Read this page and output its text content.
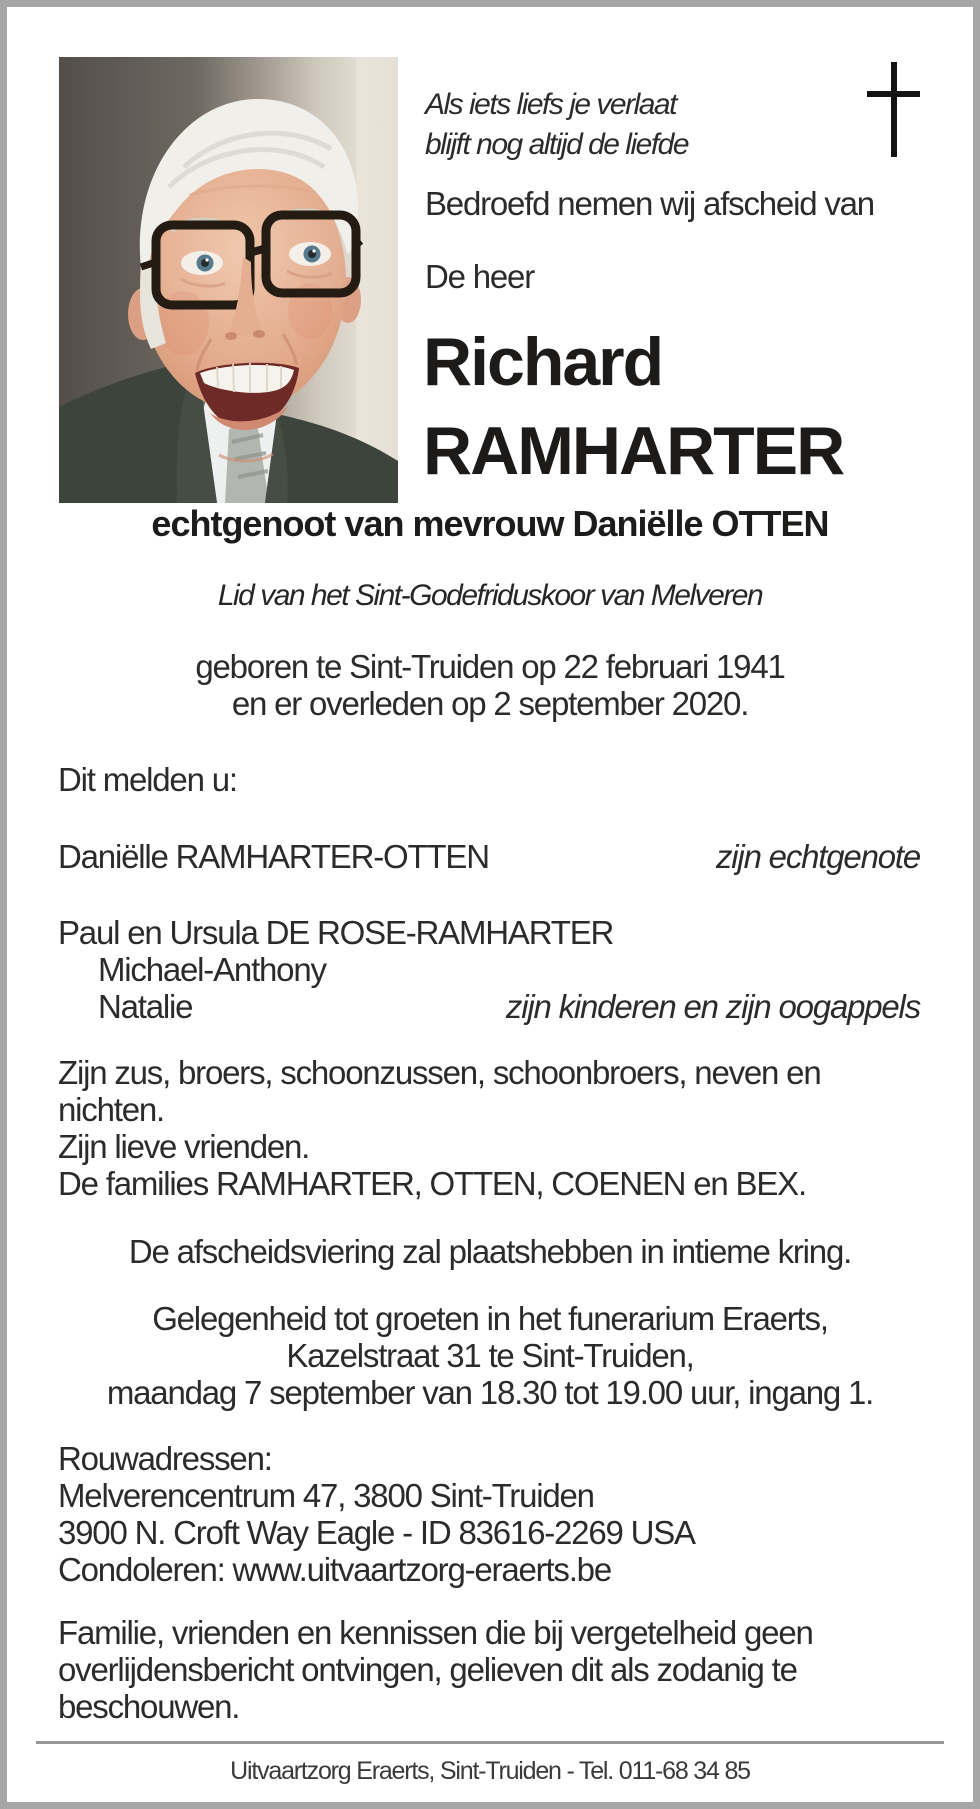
Als iets liefs je verlaat
blijft nog altijd de liefde
Bedroefd nemen wij afscheid van
De heer
Richard
RAMHARTER
echtgenoot van mevrouw Daniëlle OTTEN
Lid van het Sint-Godefriduskoor van Melveren
geboren te Sint-Truiden op 22 februari 1941
en er overleden op 2 september 2020.
Dit melden u:
Daniëlle RAMHARTER-OTTEN	zijn echtgenote
Paul en Ursula DE ROSE-RAMHARTER
Michael-Anthony
Natalie	zijn kinderen en zijn oogappels
Zijn zus, broers, schoonzussen, schoonbroers, neven en
nichten.
Zijn lieve vrienden.
De families RAMHARTER, OTTEN, COENEN en BEX.
De afscheidsviering zal plaatshebben in intieme kring.
Gelegenheid tot groeten in het funerarium Eraerts,
Kazelstraat 31 te Sint-Truiden,
maandag 7 september van 18.30 tot 19.00 uur, ingang 1.
Rouwadressen:
Melverencentrum 47, 3800 Sint-Truiden
3900 N. Croft Way Eagle - ID 83616-2269 USA
Condoleren: www.uitvaartzorg-eraerts.be
Familie, vrienden en kennissen die bij vergetelheid geen
overlijdensbericht ontvingen, gelieven dit als zodanig te
beschouwen.
Uitvaartzorg Eraerts, Sint-Truiden - Tel. 011-68 34 85
